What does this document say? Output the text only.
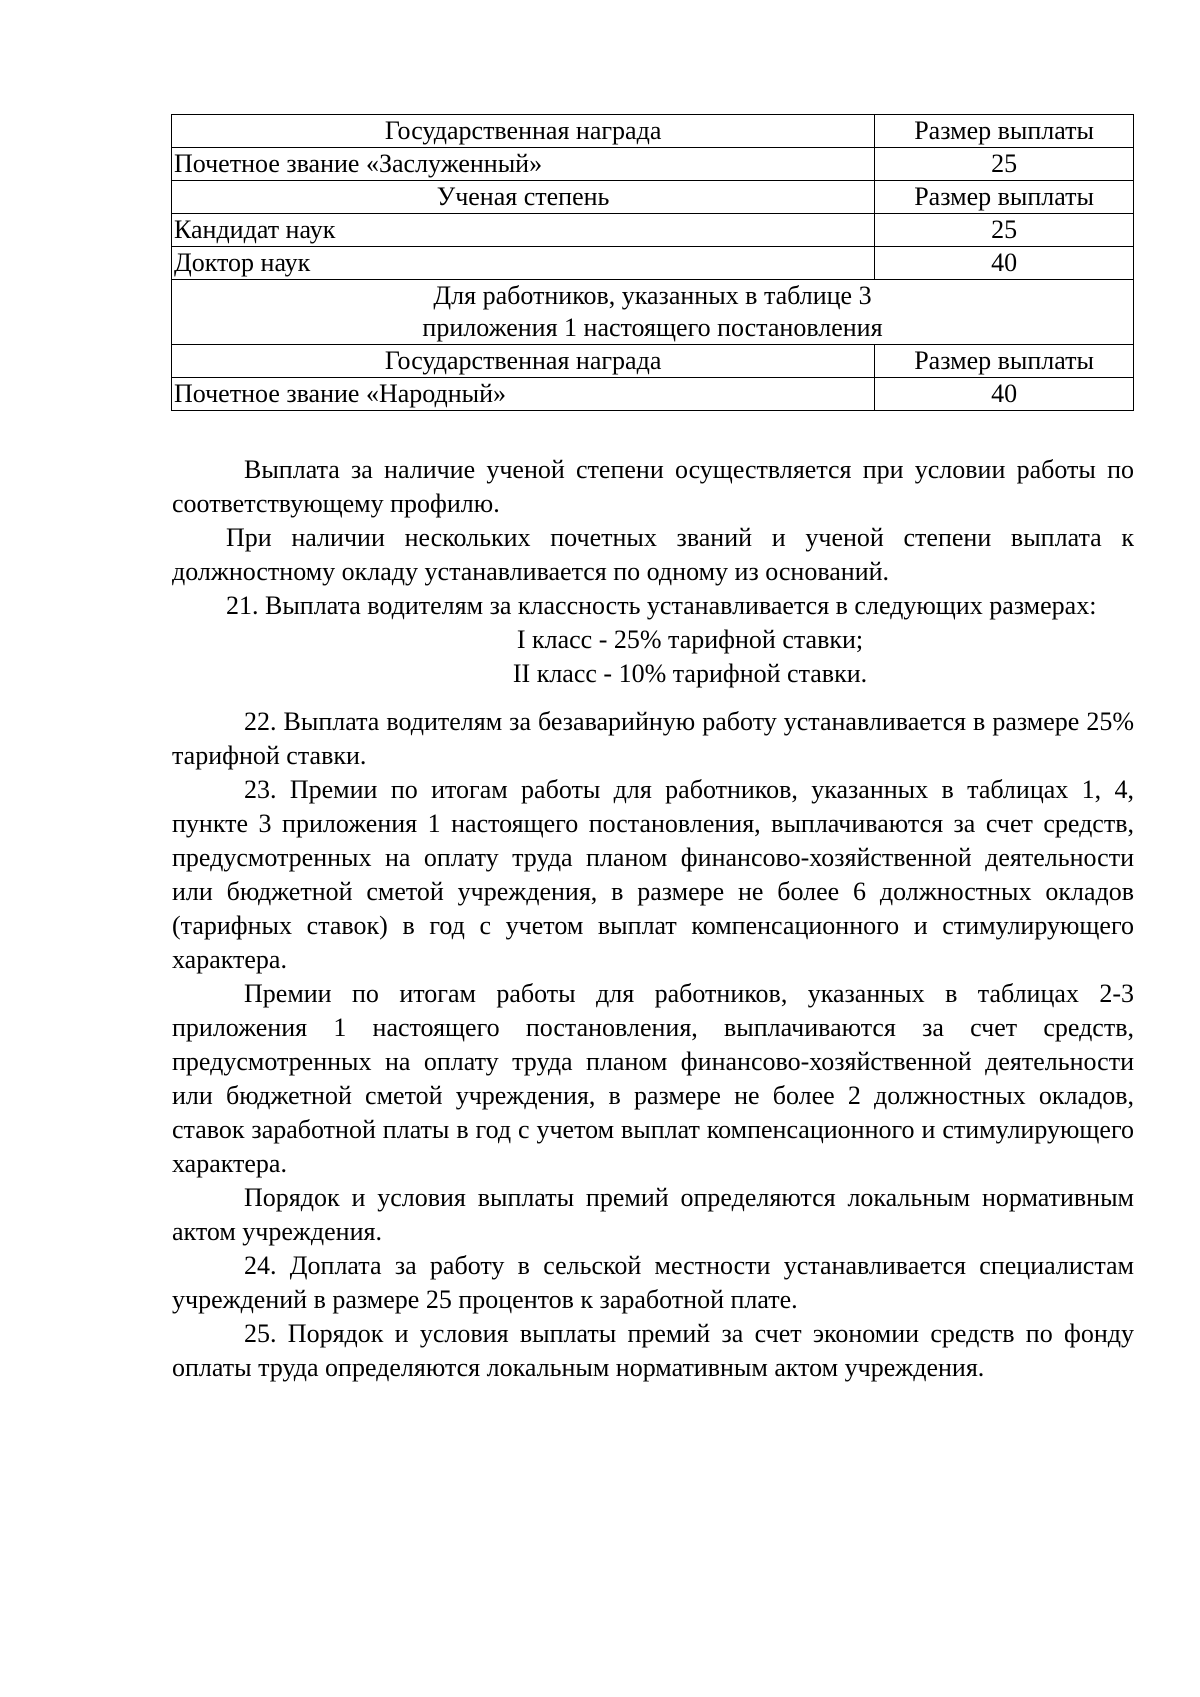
Государственная награда	Размер выплаты
Почетное звание «Заслуженный»	25
Ученая степень	Размер выплаты
Кандидат наук	25
Доктор наук	40

Для работников, указанных в таблице 3
приложения 1 настоящего постановления	

Государственная награда	Размер выплаты
Почетное звание «Народный»	40

Выплата за наличие ученой степени осуществляется при условии работы по соответствующему профилю.

При наличии нескольких почетных званий и ученой степени выплата к должностному окладу устанавливается по одному из оснований.

21. Выплата водителям за классность устанавливается в следующих размерах:

I класс - 25% тарифной ставки;

II класс - 10% тарифной ставки.

22. Выплата водителям за безаварийную работу устанавливается в размере 25% тарифной ставки.

23. Премии по итогам работы для работников, указанных в таблицах 1, 4, пункте 3 приложения 1 настоящего постановления, выплачиваются за счет средств, предусмотренных на оплату труда планом финансово-хозяйственной деятельности или бюджетной сметой учреждения, в размере не более 6 должностных окладов (тарифных ставок) в год с учетом выплат компенсационного и стимулирующего характера.

Премии по итогам работы для работников, указанных в таблицах 2-3 приложения 1 настоящего постановления, выплачиваются за счет средств, предусмотренных на оплату труда планом финансово-хозяйственной деятельности или бюджетной сметой учреждения, в размере не более 2 должностных окладов, ставок заработной платы в год с учетом выплат компенсационного и стимулирующего характера.

Порядок и условия выплаты премий определяются локальным нормативным актом учреждения.

24. Доплата за работу в сельской местности устанавливается специалистам учреждений в размере 25 процентов к заработной плате.

25. Порядок и условия выплаты премий за счет экономии средств по фонду оплаты труда определяются локальным нормативным актом учреждения.
